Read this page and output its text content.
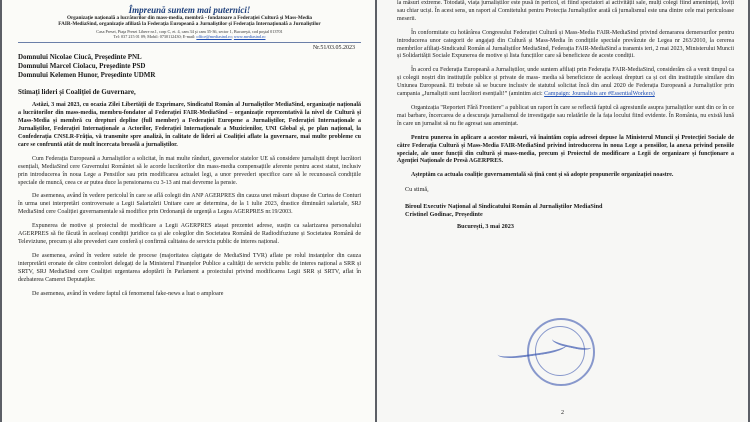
Împreună suntem mai puternici!
Organizaţie naţională a lucrătorilor din mass-media, membră - fondatoare a Federaţiei Cultură şi Mass-Media
FAIR-MediaSind, organizaţie afiliată la Federaţia Europeană a Jurnaliştilor şi Federaţia Internaţională a Jurnaliştilor
Casa Presei, Piaţa Presei Libere nr.1, corp C, et. 4, cam 34 şi cam 35-36, sector 1, Bucureşti, cod poştal 013701
Tel: 037 215 01 09; Mobil: 0730112430; E-mail: office@mediasind.ro; www.mediasind.ro
Nr.51/03.05.2023
Domnului Nicolae Ciucă, Președinte PNL
Domnului Marcel Ciolacu, Președinte PSD
Domnului Kelemen Hunor, Președinte UDMR
Stimați lideri și Coaliției de Guvernare,

Astăzi, 3 mai 2023, cu ocazia Zilei Libertății de Exprimare, Sindicatul Român al Jurnaliștilor MediaSind, organizație națională a lucrătorilor din mass-media, membru-fondator al Federației FAIR-MediaSind – organizație reprezentativă la nivel de Cultură și Mass-Media și membră cu drepturi depline (full member) a Federației Europene a Jurnaliștilor, Federației Internaționale a Jurnaliștilor, Federației Internaționale a Actorilor, Federației Internaționale a Muzicienilor, UNI Global și, pe plan național, la Confederația CNSLR-Frăția, vă transmite spre analiză, în calitate de lideri ai Coaliției aflate la guvernare, mai multe probleme cu care se confruntă atât de mult încercata breaslă a jurnaliștilor.

Cum Federația Europeană a Jurnaliștilor a solicitat, în mai multe rânduri, guvernelor statelor UE să considere jurnaliștii drept lucrători esențiali, MediaSind cere Guvernului României să le acorde lucrătorilor din mass-media compensațiile aferente pentru acest statut, inclusiv prin introducerea în noua Lege a Pensiilor sau prin modificarea actualei legi, a unor prevederi specifice care să le recunoască condițiile speciale de muncă, ceea ce ar putea duce la pensionarea cu 3-13 ani mai devreme la pensie.

De asemenea, având în vedere pericolul în care se află colegii din ANP AGERPRES din cauza unei măsuri dispuse de Curtea de Conturi în urma unei interpretări controversate a Legii Salarizării Unitare care ar determina, de la 1 iulie 2023, drastice diminuări salariale, SRJ MediaSind cere Coaliției guvernamentale să modifice prin Ordonanță de urgență a Legea AGERPRES nr.19/2003.

Expunerea de motive și proiectul de modificare a Legii AGERPRES atașat prezentei adrese, susțin ca salarizarea personalului AGERPRES să fie făcută în aceleași condiții juridice ca și ale colegilor din Societatea Română de Radiodifuziune și Societatea Română de Televiziune, precum și alte prevederi care conferă și confirmă calitatea de serviciu public de interes național.

De asemenea, având în vedere sutele de procese (majoritatea câștigate de MediaSind TVR) aflate pe rolul instanțelor din cauza interpretării eronate de către controlori delegați de la Ministerul Finanțelor Publice a calității de serviciu public de interes național a SRR și SRTV, SRJ MediaSind cere Coaliției urgentarea adoptării în Parlament a proiectului privind modificarea Legii SRR și SRTV, aflat în dezbaterea Camerei Deputaților.

De asemenea, având în vedere faptul că fenomenul fake-news a luat o amploare

la măsuri extreme. Totodată, viața jurnaliștilor este pusă în pericol, ei fiind spectatori ai activității sale, mulți colegi fiind amenințați, loviți sau chiar uciși. În acest sens, un raport al Comitetului pentru Protecția Jurnaliștilor arată că jurnalismul este una dintre cele mai periculoase meserii.

În conformitate cu hotărârea Congresului Federației Cultură și Mass-Media FAIR-MediaSind privind demararea demersurilor pentru introducerea unor categorii de angajați din Cultură și Mass-Media în condițiile speciale prevăzute de Legea nr 263/2010, la cererea membrilor afiliați-Sindicatul Român al Jurnaliștilor MediaSind, Federația FAIR-MediaSind a transmis ieri, 2 mai 2023, Ministerului Muncii și Solidarității Sociale Expunerea de motive și lista funcțiilor care să beneficieze de aceste condiții.

În acord cu Federația Europeană a Jurnaliștilor, unde suntem afiliați prin Federația FAIR-MediaSind, considerăm că a venit timpul ca și colegii noștri din instituțiile publice și private de mass- media să beneficieze de aceleași drepturi ca și cei din instituțiile similare din Uniunea Europeană. Ei trebuie să se bucure inclusiv de statutul solicitat încă din anul 2020 de Federația Europeană a Jurnaliștilor prin campania „Jurnaliștii sunt lucrători esențiali!” (amintim aici: Campaign: Journalists are #EssentialWorkers)

Organizația "Reporteri Fără Frontiere" a publicat un raport în care se reflectă faptul că agresiunile asupra jurnaliștilor sunt din ce în ce mai barbare, încercarea de a descuraja jurnalismul de investigație sau relatările de la fața locului fiind evidente. În România, nu există lună în care un jurnalist să nu fie agresat sau amenințat.

Pentru punerea în aplicare a acestor măsuri, vă înaintăm copia adresei depuse la Ministerul Muncii și Protecției Sociale de către Federația Cultură și Mass-Media FAIR-MediaSind privind introducerea în noua Lege a pensiilor, la anexa privind pensiile speciale, ale unor funcții din cultură și mass-media, precum și Proiectul de modificare a Legii de organizare și funcționare a Agenției Naționale de Presă AGERPRES.

Așteptăm ca actuala coaliție guvernamentală să țină cont și să adopte propunerile organizației noastre.

Cu stimă,
Biroul Executiv Național al Sindicatului Român al Jurnaliștilor MediaSind
Cristinel Godinac, Președinte
București, 3 mai 2023
2
